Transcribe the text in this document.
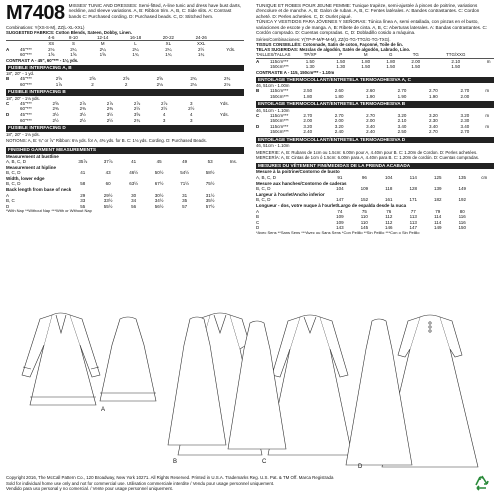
M7408 MISSES' TUNIC AND DRESSES: Semi-fitted, A-line tunic and dress have bust darts, neckline, and sleeve variations. A, B: Ribbon trim. A, B, C: Side slits. A: Contrast bands C: Purchased cording. D: Purchased beads. C, D: Stitched hem.
Combinations: Y(XS-S-M), ZZ(L-XL-XXL)
SUGGESTED FABRICS: Cotton Blends, Sateen, Dobby, Linen.
		4-6	8-10	12-14	16-18	20-22	24-26	
		XS	S	M	L	XL	XXL	
A	45"***	2⅛	2¼	2¼	2¼	2¼	2½	Yds.
	60"***	1⅝	1⅝	1⅝	1¾	1¾	1¾	
CONTRAST A - 45", 60"*** - 1⅛ yds.
FUSIBLE INTERFACING A, B
18", 20" - 1 yd.
B	45"***	2⅝	2⅝	2⅝	2⅝	2¾	2¾	
	60"***	1⅞	2	2	2⅛	2⅛	2⅛	
FUSIBLE INTERFACING B
18", 20" - 1⅛ yds.
C	45"***	2⅝	2⅞	2⅞	2⅞	2⅞	3	Yds.
	60"***	2⅜	2⅜	2⅜	2½	2½	2½	
D	45"***	3½	3½	3½	3⅝	4	4	Yds.
	60"***	2½	2½	2½	2¾	3	3	
FUSIBLE INTERFACING D
18", 20" - 1⅛ yds.
NOTIONS: A, B: ¾" or ⅞" Ribbon: 6⅛ yds. for A, 4⅜ yds. for B. C: 1⅛ yds. Cording. D: Purchased Beads.
FINISHED GARMENT MEASUREMENTS
Measurement at bustline							
A, B, C, D	35⅞	37⅞	41	45	49	53	Ins.
Measurement at hipline							
B, C, D	41	43	46½	50½	54½	58½	
Width, lower edge							
B, C, D	58	60	63½	67½	71½	75½	
Back length from base of neck							
A	29	29½	30	30½	31	31½	
B, C	33	33½	34	34½	35	35½	
D	55	55½	56	56½	57	57½	
*With Nap **Without Nap ***With or Without Nap
TUNIQUE ET ROBES POUR JEUNE FEMME: Tunique trapèze, semi-ajustée à pinces de poitrine, variations d'encolure et de manche. A, B: Galon de ruban. A, B, C: Fentes latérales. A: Bandes contrastantes. C: Cordon acheté. D: Perles achetées. C, D: Ourlet piqué.
TÚNICA Y VESTIDOS PARA JÓVENES Y SEÑORAS: Túnica línea A, semi entallada, con pinzas en el busto, variaciones de escote y de manga. A, B: Ribete de cinta. A, B, C: Aberturas laterales. A: Bandas contrastantes. C: Cordón comprado. D: Cuentas compradas. C, D: Dobladillo cosido a máquina.
Séries/Combinaciones: Y(TP-P-M/P-M-M), ZZ(G-TG-TTG/G-TG-TXG).
TISSUS CONSEILLÉS: Cotonnade, Satin de coton, Façonné, Toile de lin.
TELAS SUGERIDAS: Mezclas de algodón, Satén de algodón, Labrado, Lino.
TAILLES/TALLAS		TP/XP	P	M	G	TG	TTG/XXG	
A	115cm***	1.50	1.50	1.80	1.80	2.00	2.10	m
	150cm***	1.30	1.30	1.50	1.50	1.50	1.50	
CONTRASTE A - 115, 150cm*** - 1.10m
ENTOILAGE THERMOCOLLANT/ENTRETELA TERMOADHESIVA A, C
46, 51cm - 1.00m
B	115cm***	2.50	2.60	2.60	2.70	2.70	2.70	m
	150cm***	1.80	1.80	1.90	1.90	1.90	2.00	
ENTOILAGE THERMOCOLLANT/ENTRETELA TERMOADHESIVA B
46, 51cm - 1.10m
C	115cm***	2.70	2.70	2.70	3.20	3.20	3.20	m
	150cm***	2.00	2.00	2.00	2.10	2.30	2.30	
D	115cm***	3.20	3.20	3.40	3.40	3.40	3.40	m
	150cm***	2.40	2.40	2.40	2.50	2.70	2.70	
ENTOILAGE THERMOCOLLANT/ENTRETELA TERMOADHESIVA D
46, 51cm - 1.10m
MERCERIE: A, B: Rubans de 1cm ou 1.5cm: 6.00m pour A, 4.40m pour B. C: 1.20m de Cordon. D: Perles achetées.
MERCERÍA: A, B: Cintas de 1cm ó 1.5cm: 6.00m para A, 4.40m para B. C: 1.20m de cordón. D: Cuentas compradas.
MESURES DU VÊTEMENT FINI/MEDIDAS DE LA PRENDA ACABADA
Mesure à la poitrine/Contorno de busto							
A, B, C, D	91	96	104	114	125	135	cm
Mesure aux hanches/Contorno de caderas							
B, C, D	104	109	118	128	139	149	
Largeur à l'ourlet/Ancho inferior							
B, C, D	147	152	161	171	182	192	
Longueur - dos, votre nuque à l'ourlet/Largo de espalda desde la nuca							
A	74	75	76	77	79	80	
B	109	110	112	113	114	116	
C	109	110	112	113	114	116	
D	143	145	146	147	149	150	
*Avec Sens **Sans Sens ***Avec ou Sans Sens *Con Pelillo **Sin Pelillo ***Con o Sin Pelillo
A
B	C
D
Copyright 2016, The McCall Pattern Co., 120 Broadway, New York 10271. All Rights Reserved. Printed in U.S.A. Trademarks Reg. U.S. Pat. & TM Off. Marca Registrada
Sold for individual home use only and not for commercial use. Utilisation commerciale interdite / Vendu pour usage personnel uniquement.
Vendido para uso personal y no comercial. / Vente pour usage personnel uniquement.
